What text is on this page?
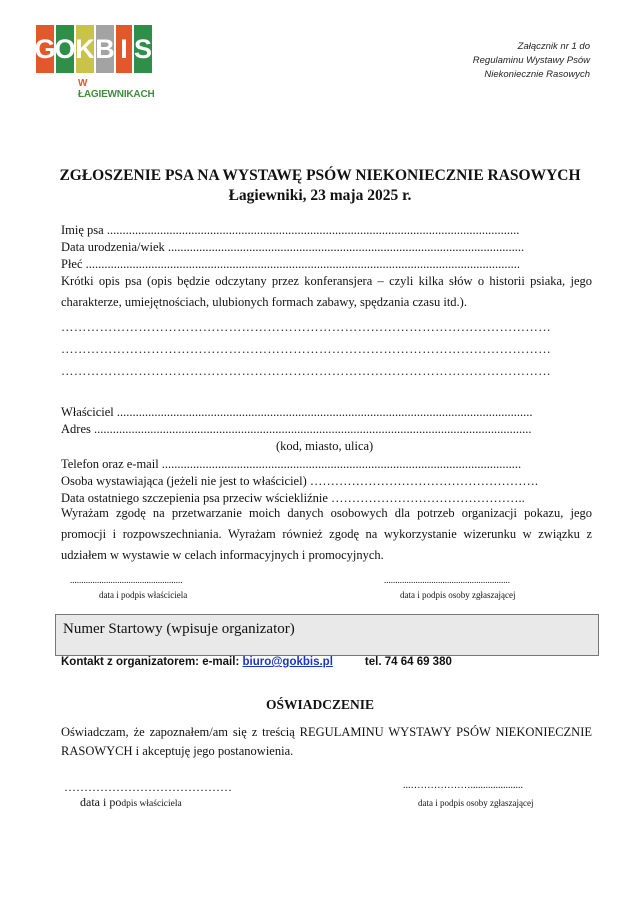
G
O K B I S
W ŁAGIEWNIKACH
Załącznik nr 1 do
Regulaminu Wystawy Psów
Niekoniecznie Rasowych
ZGŁOSZENIE PSA NA WYSTAWĘ PSÓW NIEKONIECZNIE RASOWYCH
Łagiewniki, 23 maja 2025 r.
Imię psa ....................................................................................................................................
Data urodzenia/wiek ..................................................................................................................
Płeć ...........................................................................................................................................
Krótki opis psa (opis będzie odczytany przez konferansjera – czyli kilka słów o historii psiaka, jego charakterze, umiejętnościach, ulubionych formach zabawy, spędzania czasu itd.).
……………………………………………………………………………………………………
……………………………………………………………………………………………………
……………………………………………………………………………………………………
Właściciel .....................................................................................................................................
Adres ............................................................................................................................................
(kod, miasto, ulica)
Telefon oraz e-mail ...................................................................................................................
Osoba wystawiająca (jeżeli nie jest to właściciel) ……………………………………………….
Data ostatniego szczepienia psa przeciw wściekliźnie ………………………………………..
Wyrażam zgodę na przetwarzanie moich danych osobowych dla potrzeb organizacji pokazu, jego promocji i rozpowszechniania. Wyrażam również zgodę na wykorzystanie wizerunku w związku z udziałem w wystawie w celach informacyjnych i promocyjnych.
..................................................
data i podpis właściciela
........................................................
data i podpis osoby zgłaszającej
Numer Startowy (wpisuje organizator)
Kontakt z organizatorem: e-mail: biuro@gokbis.pl	tel. 74 64 69 380
OŚWIADCZENIE
Oświadczam, że zapoznałem/am się z treścią REGULAMINU WYSTAWY PSÓW NIEKONIECZNIE RASOWYCH i akceptuję jego postanowienia.
……………………………………
data i podpis właściciela
...……………….....................
data i podpis osoby zgłaszającej
